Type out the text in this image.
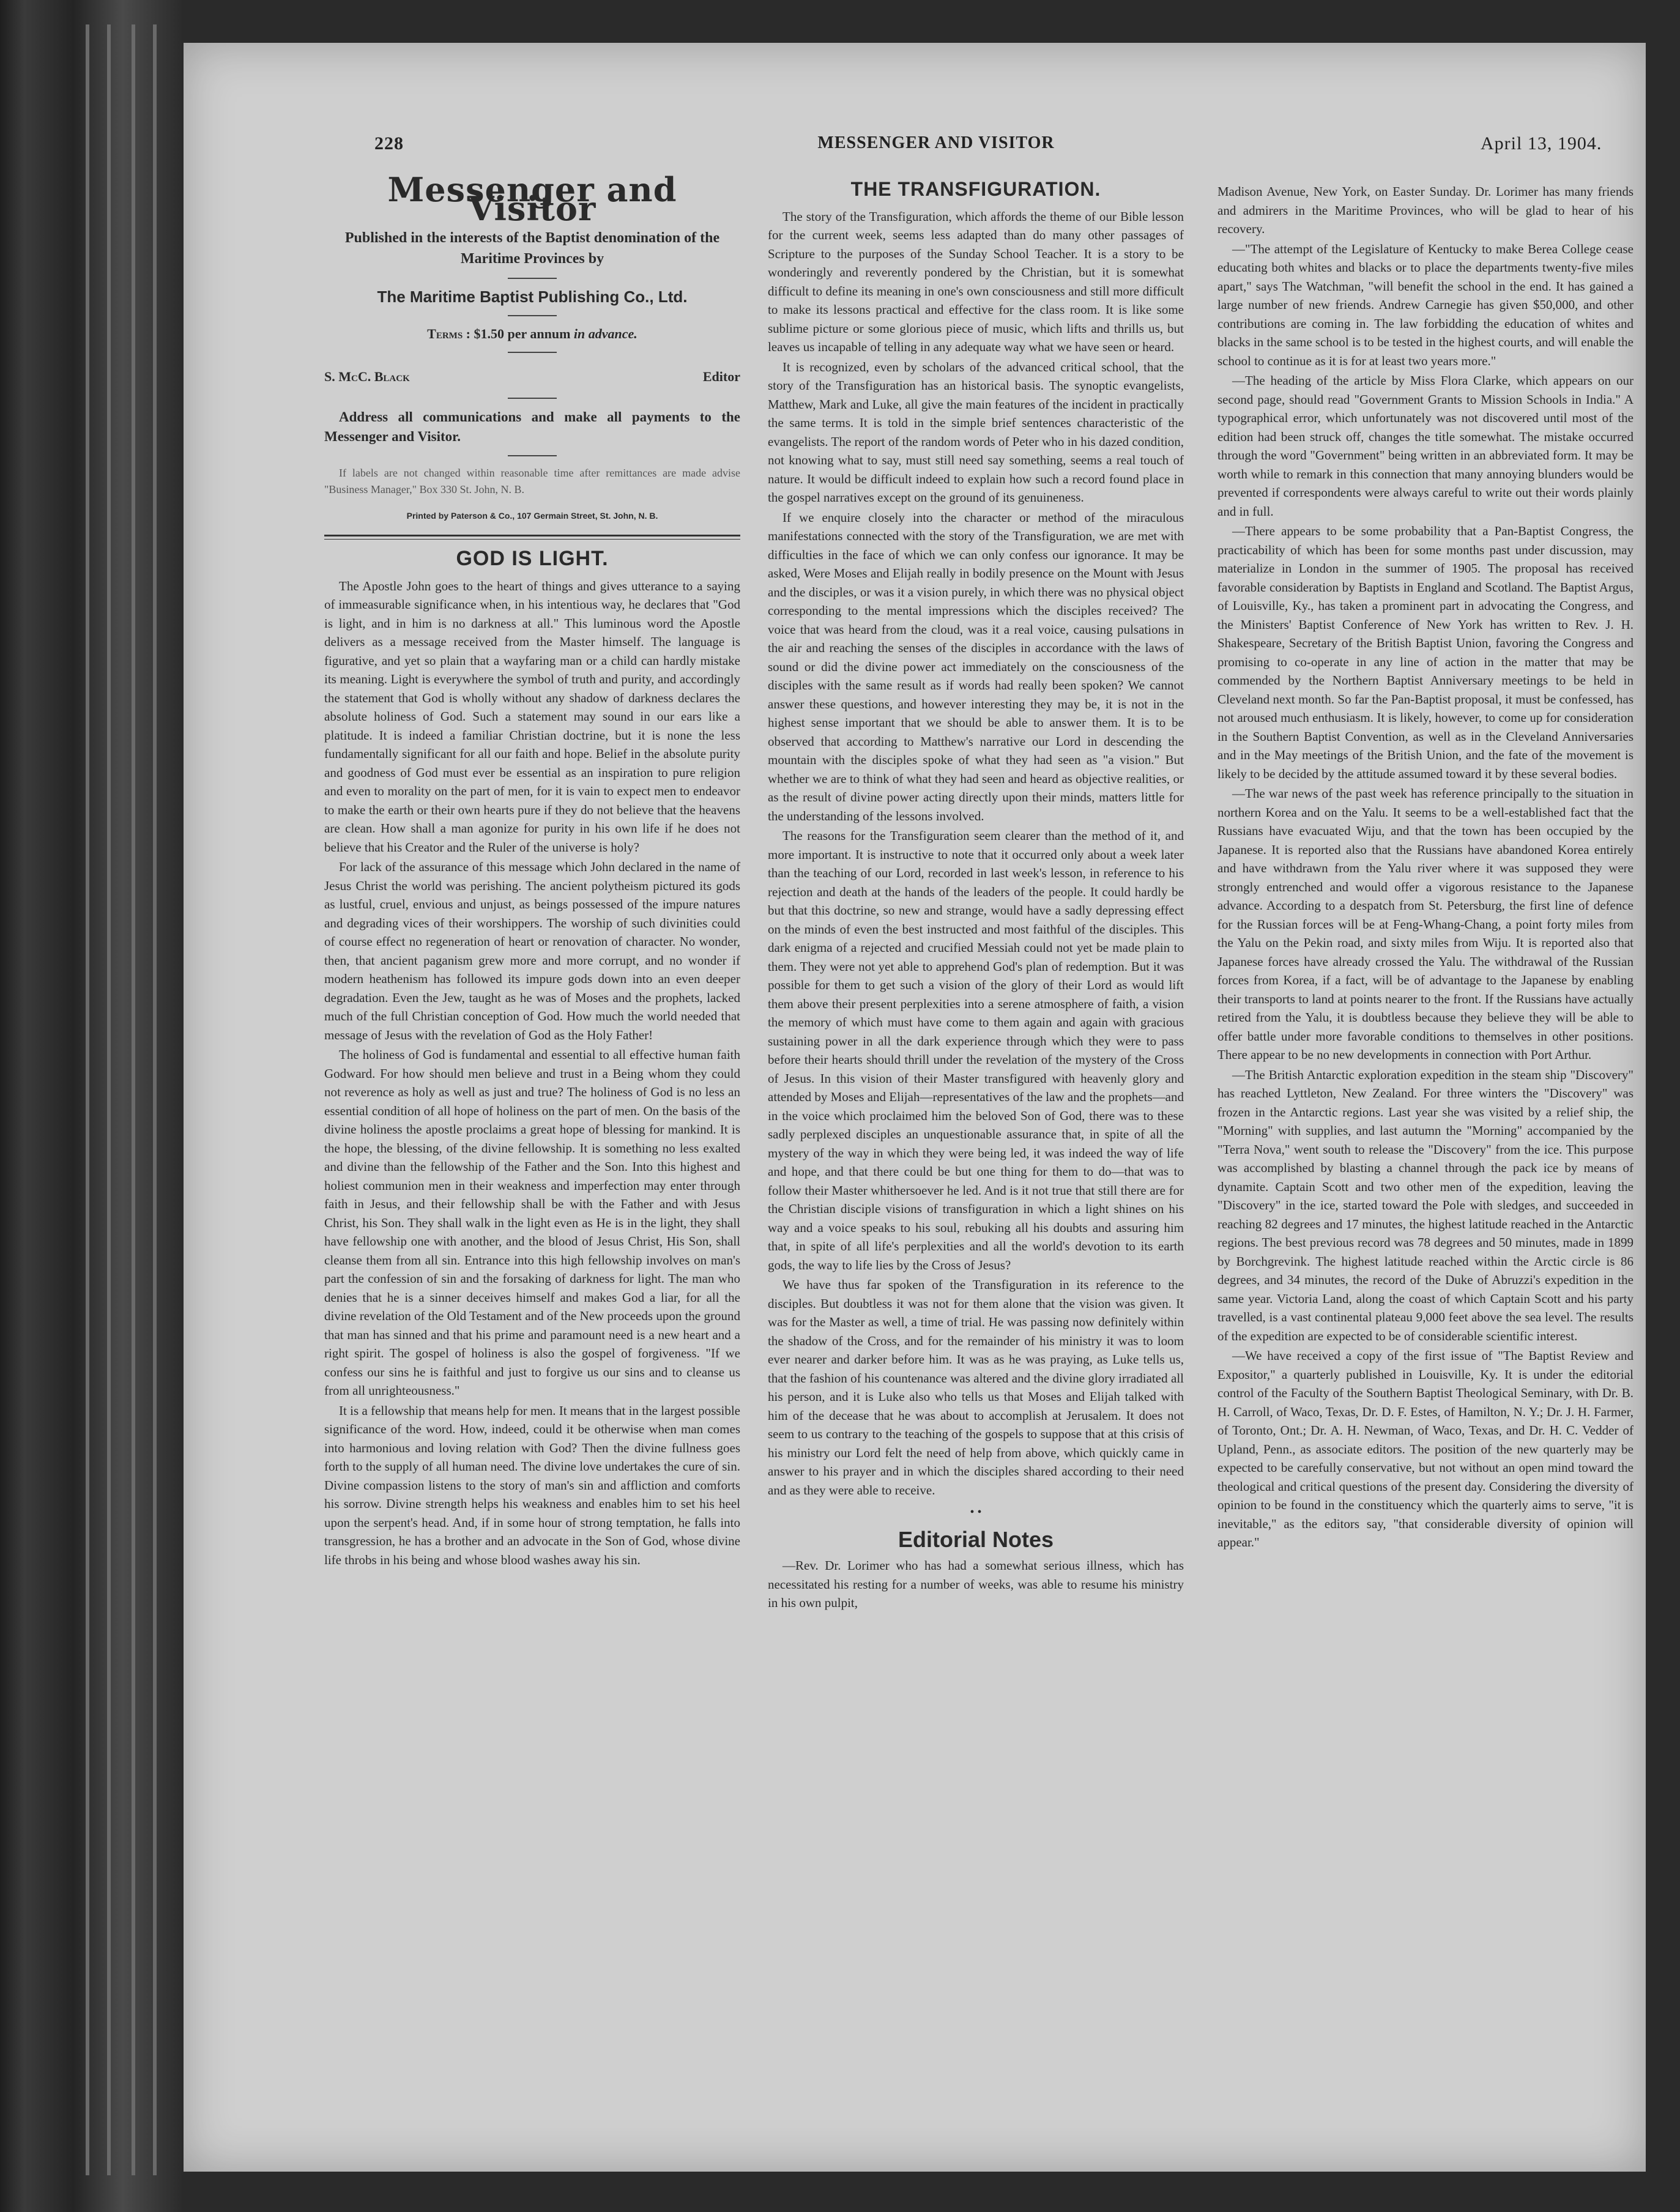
228	MESSENGER AND VISITOR	April 13, 1904.
Messenger and Visitor
Published in the interests of the Baptist denomination of the Maritime Provinces by
The Maritime Baptist Publishing Co., Ltd.
Terms : $1.50 per annum in advance.
S. McC. Black	Editor
Address all communications and make all payments to the Messenger and Visitor.
If labels are not changed within reasonable time after remittances are made advise "Business Manager," Box 330 St. John, N. B.
Printed by Paterson & Co., 107 Germain Street, St. John, N. B.
GOD IS LIGHT.

The Apostle John goes to the heart of things and gives utterance to a saying of immeasurable significance when, in his intentious way, he declares that "God is light, and in him is no darkness at all." This luminous word the Apostle delivers as a message received from the Master himself. The language is figurative, and yet so plain that a wayfaring man or a child can hardly mistake its meaning. Light is everywhere the symbol of truth and purity, and accordingly the statement that God is wholly without any shadow of darkness declares the absolute holiness of God. Such a statement may sound in our ears like a platitude. It is indeed a familiar Christian doctrine, but it is none the less fundamentally significant for all our faith and hope. Belief in the absolute purity and goodness of God must ever be essential as an inspiration to pure religion and even to morality on the part of men, for it is vain to expect men to endeavor to make the earth or their own hearts pure if they do not believe that the heavens are clean. How shall a man agonize for purity in his own life if he does not believe that his Creator and the Ruler of the universe is holy?

For lack of the assurance of this message which John declared in the name of Jesus Christ the world was perishing. The ancient polytheism pictured its gods as lustful, cruel, envious and unjust, as beings possessed of the impure natures and degrading vices of their worshippers. The worship of such divinities could of course effect no regeneration of heart or renovation of character. No wonder, then, that ancient paganism grew more and more corrupt, and no wonder if modern heathenism has followed its impure gods down into an even deeper degradation. Even the Jew, taught as he was of Moses and the prophets, lacked much of the full Christian conception of God. How much the world needed that message of Jesus with the revelation of God as the Holy Father!

The holiness of God is fundamental and essential to all effective human faith Godward. For how should men believe and trust in a Being whom they could not reverence as holy as well as just and true? The holiness of God is no less an essential condition of all hope of holiness on the part of men. On the basis of the divine holiness the apostle proclaims a great hope of blessing for mankind. It is the hope, the blessing, of the divine fellowship. It is something no less exalted and divine than the fellowship of the Father and the Son. Into this highest and holiest communion men in their weakness and imperfection may enter through faith in Jesus, and their fellowship shall be with the Father and with Jesus Christ, his Son. They shall walk in the light even as He is in the light, they shall have fellowship one with another, and the blood of Jesus Christ, His Son, shall cleanse them from all sin. Entrance into this high fellowship involves on man's part the confession of sin and the forsaking of darkness for light. The man who denies that he is a sinner deceives himself and makes God a liar, for all the divine revelation of the Old Testament and of the New proceeds upon the ground that man has sinned and that his prime and paramount need is a new heart and a right spirit. The gospel of holiness is also the gospel of forgiveness. "If we confess our sins he is faithful and just to forgive us our sins and to cleanse us from all unrighteousness."

It is a fellowship that means help for men. It means that in the largest possible significance of the word. How, indeed, could it be otherwise when man comes into harmonious and loving relation with God? Then the divine fullness goes forth to the supply of all human need. The divine love undertakes the cure of sin. Divine compassion listens to the story of man's sin and affliction and comforts his sorrow. Divine strength helps his weakness and enables him to set his heel upon the serpent's head. And, if in some hour of strong temptation, he falls into transgression, he has a brother and an advocate in the Son of God, whose divine life throbs in his being and whose blood washes away his sin.

THE TRANSFIGURATION.

The story of the Transfiguration, which affords the theme of our Bible lesson for the current week, seems less adapted than do many other passages of Scripture to the purposes of the Sunday School Teacher. It is a story to be wonderingly and reverently pondered by the Christian, but it is somewhat difficult to define its meaning in one's own consciousness and still more difficult to make its lessons practical and effective for the class room. It is like some sublime picture or some glorious piece of music, which lifts and thrills us, but leaves us incapable of telling in any adequate way what we have seen or heard.

It is recognized, even by scholars of the advanced critical school, that the story of the Transfiguration has an historical basis. The synoptic evangelists, Matthew, Mark and Luke, all give the main features of the incident in practically the same terms. It is told in the simple brief sentences characteristic of the evangelists. The report of the random words of Peter who in his dazed condition, not knowing what to say, must still need say something, seems a real touch of nature. It would be difficult indeed to explain how such a record found place in the gospel narratives except on the ground of its genuineness.

If we enquire closely into the character or method of the miraculous manifestations connected with the story of the Transfiguration, we are met with difficulties in the face of which we can only confess our ignorance. It may be asked, Were Moses and Elijah really in bodily presence on the Mount with Jesus and the disciples, or was it a vision purely, in which there was no physical object corresponding to the mental impressions which the disciples received? The voice that was heard from the cloud, was it a real voice, causing pulsations in the air and reaching the senses of the disciples in accordance with the laws of sound or did the divine power act immediately on the consciousness of the disciples with the same result as if words had really been spoken? We cannot answer these questions, and however interesting they may be, it is not in the highest sense important that we should be able to answer them. It is to be observed that according to Matthew's narrative our Lord in descending the mountain with the disciples spoke of what they had seen as "a vision." But whether we are to think of what they had seen and heard as objective realities, or as the result of divine power acting directly upon their minds, matters little for the understanding of the lessons involved.

The reasons for the Transfiguration seem clearer than the method of it, and more important. It is instructive to note that it occurred only about a week later than the teaching of our Lord, recorded in last week's lesson, in reference to his rejection and death at the hands of the leaders of the people. It could hardly be but that this doctrine, so new and strange, would have a sadly depressing effect on the minds of even the best instructed and most faithful of the disciples. This dark enigma of a rejected and crucified Messiah could not yet be made plain to them. They were not yet able to apprehend God's plan of redemption. But it was possible for them to get such a vision of the glory of their Lord as would lift them above their present perplexities into a serene atmosphere of faith, a vision the memory of which must have come to them again and again with gracious sustaining power in all the dark experience through which they were to pass before their hearts should thrill under the revelation of the mystery of the Cross of Jesus. In this vision of their Master transfigured with heavenly glory and attended by Moses and Elijah—representatives of the law and the prophets—and in the voice which proclaimed him the beloved Son of God, there was to these sadly perplexed disciples an unquestionable assurance that, in spite of all the mystery of the way in which they were being led, it was indeed the way of life and hope, and that there could be but one thing for them to do—that was to follow their Master whithersoever he led. And is it not true that still there are for the Christian disciple visions of transfiguration in which a light shines on his way and a voice speaks to his soul, rebuking all his doubts and assuring him that, in spite of all life's perplexities and all the world's devotion to its earth gods, the way to life lies by the Cross of Jesus?

We have thus far spoken of the Transfiguration in its reference to the disciples. But doubtless it was not for them alone that the vision was given. It was for the Master as well, a time of trial. He was passing now definitely within the shadow of the Cross, and for the remainder of his ministry it was to loom ever nearer and darker before him. It was as he was praying, as Luke tells us, that the fashion of his countenance was altered and the divine glory irradiated all his person, and it is Luke also who tells us that Moses and Elijah talked with him of the decease that he was about to accomplish at Jerusalem. It does not seem to us contrary to the teaching of the gospels to suppose that at this crisis of his ministry our Lord felt the need of help from above, which quickly came in answer to his prayer and in which the disciples shared according to their need and as they were able to receive.

• •
Editorial Notes

—Rev. Dr. Lorimer who has had a somewhat serious illness, which has necessitated his resting for a number of weeks, was able to resume his ministry in his own pulpit,

Madison Avenue, New York, on Easter Sunday. Dr. Lorimer has many friends and admirers in the Maritime Provinces, who will be glad to hear of his recovery.

—"The attempt of the Legislature of Kentucky to make Berea College cease educating both whites and blacks or to place the departments twenty-five miles apart," says The Watchman, "will benefit the school in the end. It has gained a large number of new friends. Andrew Carnegie has given $50,000, and other contributions are coming in. The law forbidding the education of whites and blacks in the same school is to be tested in the highest courts, and will enable the school to continue as it is for at least two years more."

—The heading of the article by Miss Flora Clarke, which appears on our second page, should read "Government Grants to Mission Schools in India." A typographical error, which unfortunately was not discovered until most of the edition had been struck off, changes the title somewhat. The mistake occurred through the word "Government" being written in an abbreviated form. It may be worth while to remark in this connection that many annoying blunders would be prevented if correspondents were always careful to write out their words plainly and in full.

—There appears to be some probability that a Pan-Baptist Congress, the practicability of which has been for some months past under discussion, may materialize in London in the summer of 1905. The proposal has received favorable consideration by Baptists in England and Scotland. The Baptist Argus, of Louisville, Ky., has taken a prominent part in advocating the Congress, and the Ministers' Baptist Conference of New York has written to Rev. J. H. Shakespeare, Secretary of the British Baptist Union, favoring the Congress and promising to co-operate in any line of action in the matter that may be commended by the Northern Baptist Anniversary meetings to be held in Cleveland next month. So far the Pan-Baptist proposal, it must be confessed, has not aroused much enthusiasm. It is likely, however, to come up for consideration in the Southern Baptist Convention, as well as in the Cleveland Anniversaries and in the May meetings of the British Union, and the fate of the movement is likely to be decided by the attitude assumed toward it by these several bodies.

—The war news of the past week has reference principally to the situation in northern Korea and on the Yalu. It seems to be a well-established fact that the Russians have evacuated Wiju, and that the town has been occupied by the Japanese. It is reported also that the Russians have abandoned Korea entirely and have withdrawn from the Yalu river where it was supposed they were strongly entrenched and would offer a vigorous resistance to the Japanese advance. According to a despatch from St. Petersburg, the first line of defence for the Russian forces will be at Feng-Whang-Chang, a point forty miles from the Yalu on the Pekin road, and sixty miles from Wiju. It is reported also that Japanese forces have already crossed the Yalu. The withdrawal of the Russian forces from Korea, if a fact, will be of advantage to the Japanese by enabling their transports to land at points nearer to the front. If the Russians have actually retired from the Yalu, it is doubtless because they believe they will be able to offer battle under more favorable conditions to themselves in other positions. There appear to be no new developments in connection with Port Arthur.

—The British Antarctic exploration expedition in the steam ship "Discovery" has reached Lyttleton, New Zealand. For three winters the "Discovery" was frozen in the Antarctic regions. Last year she was visited by a relief ship, the "Morning" with supplies, and last autumn the "Morning" accompanied by the "Terra Nova," went south to release the "Discovery" from the ice. This purpose was accomplished by blasting a channel through the pack ice by means of dynamite. Captain Scott and two other men of the expedition, leaving the "Discovery" in the ice, started toward the Pole with sledges, and succeeded in reaching 82 degrees and 17 minutes, the highest latitude reached in the Antarctic regions. The best previous record was 78 degrees and 50 minutes, made in 1899 by Borchgrevink. The highest latitude reached within the Arctic circle is 86 degrees, and 34 minutes, the record of the Duke of Abruzzi's expedition in the same year. Victoria Land, along the coast of which Captain Scott and his party travelled, is a vast continental plateau 9,000 feet above the sea level. The results of the expedition are expected to be of considerable scientific interest.

—We have received a copy of the first issue of "The Baptist Review and Expositor," a quarterly published in Louisville, Ky. It is under the editorial control of the Faculty of the Southern Baptist Theological Seminary, with Dr. B. H. Carroll, of Waco, Texas, Dr. D. F. Estes, of Hamilton, N. Y.; Dr. J. H. Farmer, of Toronto, Ont.; Dr. A. H. Newman, of Waco, Texas, and Dr. H. C. Vedder of Upland, Penn., as associate editors. The position of the new quarterly may be expected to be carefully conservative, but not without an open mind toward the theological and critical questions of the present day. Considering the diversity of opinion to be found in the constituency which the quarterly aims to serve, "it is inevitable," as the editors say, "that considerable diversity of opinion will appear."
